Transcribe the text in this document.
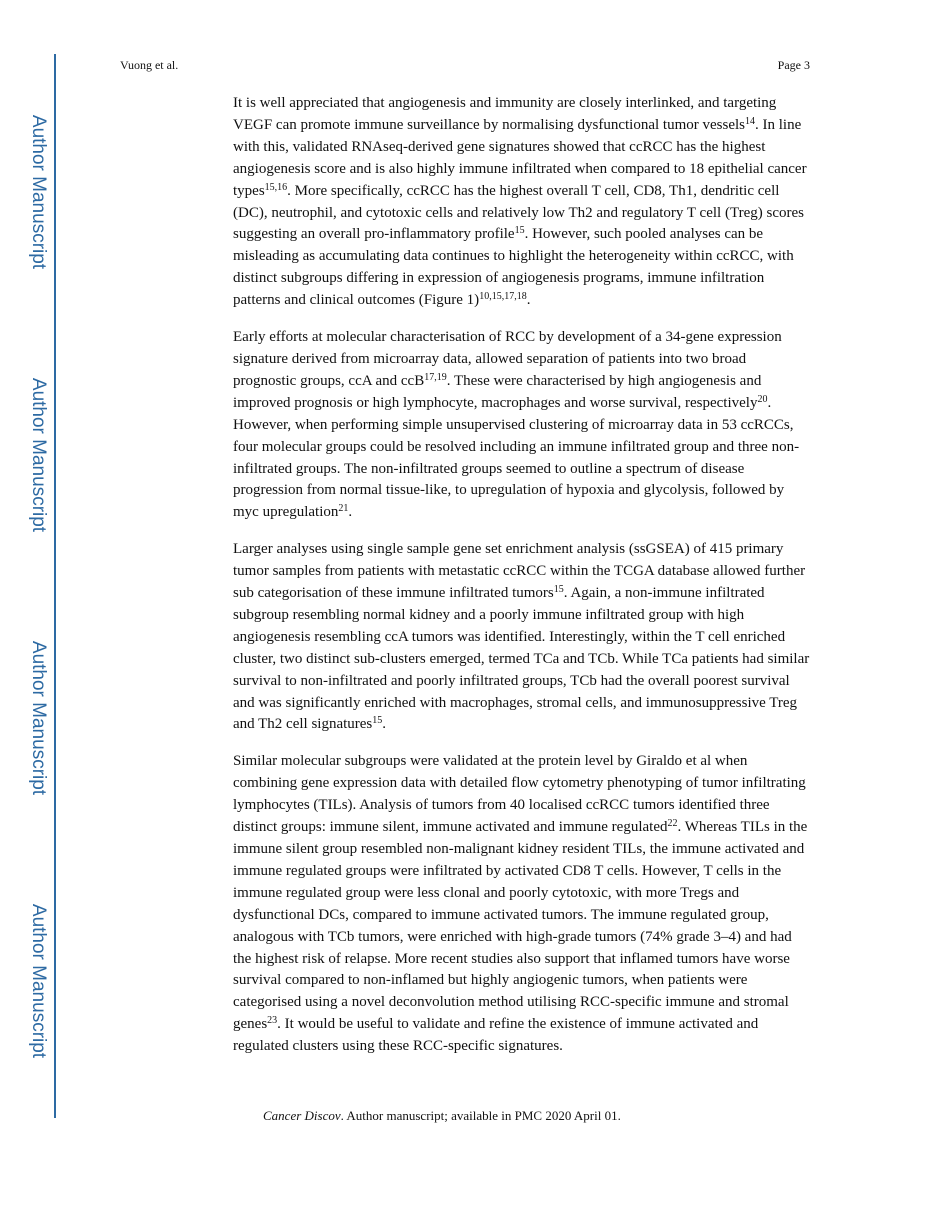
Author Manuscript
Author Manuscript
Author Manuscript
Author Manuscript
Vuong et al.	Page 3

It is well appreciated that angiogenesis and immunity are closely interlinked, and targeting VEGF can promote immune surveillance by normalising dysfunctional tumor vessels$^{14}$. In line with this, validated RNAseq-derived gene signatures showed that ccRCC has the highest angiogenesis score and is also highly immune infiltrated when compared to 18 epithelial cancer types$^{15,16}$. More specifically, ccRCC has the highest overall T cell, CD8, Th1, dendritic cell (DC), neutrophil, and cytotoxic cells and relatively low Th2 and regulatory T cell (Treg) scores suggesting an overall pro-inflammatory profile$^{15}$. However, such pooled analyses can be misleading as accumulating data continues to highlight the heterogeneity within ccRCC, with distinct subgroups differing in expression of angiogenesis programs, immune infiltration patterns and clinical outcomes (Figure 1)$^{10,15,17,18}$.

Early efforts at molecular characterisation of RCC by development of a 34-gene expression signature derived from microarray data, allowed separation of patients into two broad prognostic groups, ccA and ccB$^{17,19}$. These were characterised by high angiogenesis and improved prognosis or high lymphocyte, macrophages and worse survival, respectively$^{20}$. However, when performing simple unsupervised clustering of microarray data in 53 ccRCCs, four molecular groups could be resolved including an immune infiltrated group and three non-infiltrated groups. The non-infiltrated groups seemed to outline a spectrum of disease progression from normal tissue-like, to upregulation of hypoxia and glycolysis, followed by myc upregulation$^{21}$.

Larger analyses using single sample gene set enrichment analysis (ssGSEA) of 415 primary tumor samples from patients with metastatic ccRCC within the TCGA database allowed further sub categorisation of these immune infiltrated tumors$^{15}$. Again, a non-immune infiltrated subgroup resembling normal kidney and a poorly immune infiltrated group with high angiogenesis resembling ccA tumors was identified. Interestingly, within the T cell enriched cluster, two distinct sub-clusters emerged, termed TCa and TCb. While TCa patients had similar survival to non-infiltrated and poorly infiltrated groups, TCb had the overall poorest survival and was significantly enriched with macrophages, stromal cells, and immunosuppressive Treg and Th2 cell signatures$^{15}$.

Similar molecular subgroups were validated at the protein level by Giraldo et al when combining gene expression data with detailed flow cytometry phenotyping of tumor infiltrating lymphocytes (TILs). Analysis of tumors from 40 localised ccRCC tumors identified three distinct groups: immune silent, immune activated and immune regulated$^{22}$. Whereas TILs in the immune silent group resembled non-malignant kidney resident TILs, the immune activated and immune regulated groups were infiltrated by activated CD8 T cells. However, T cells in the immune regulated group were less clonal and poorly cytotoxic, with more Tregs and dysfunctional DCs, compared to immune activated tumors. The immune regulated group, analogous with TCb tumors, were enriched with high-grade tumors (74% grade 3–4) and had the highest risk of relapse. More recent studies also support that inflamed tumors have worse survival compared to non-inflamed but highly angiogenic tumors, when patients were categorised using a novel deconvolution method utilising RCC-specific immune and stromal genes$^{23}$. It would be useful to validate and refine the existence of immune activated and regulated clusters using these RCC-specific signatures.

Cancer Discov. Author manuscript; available in PMC 2020 April 01.
